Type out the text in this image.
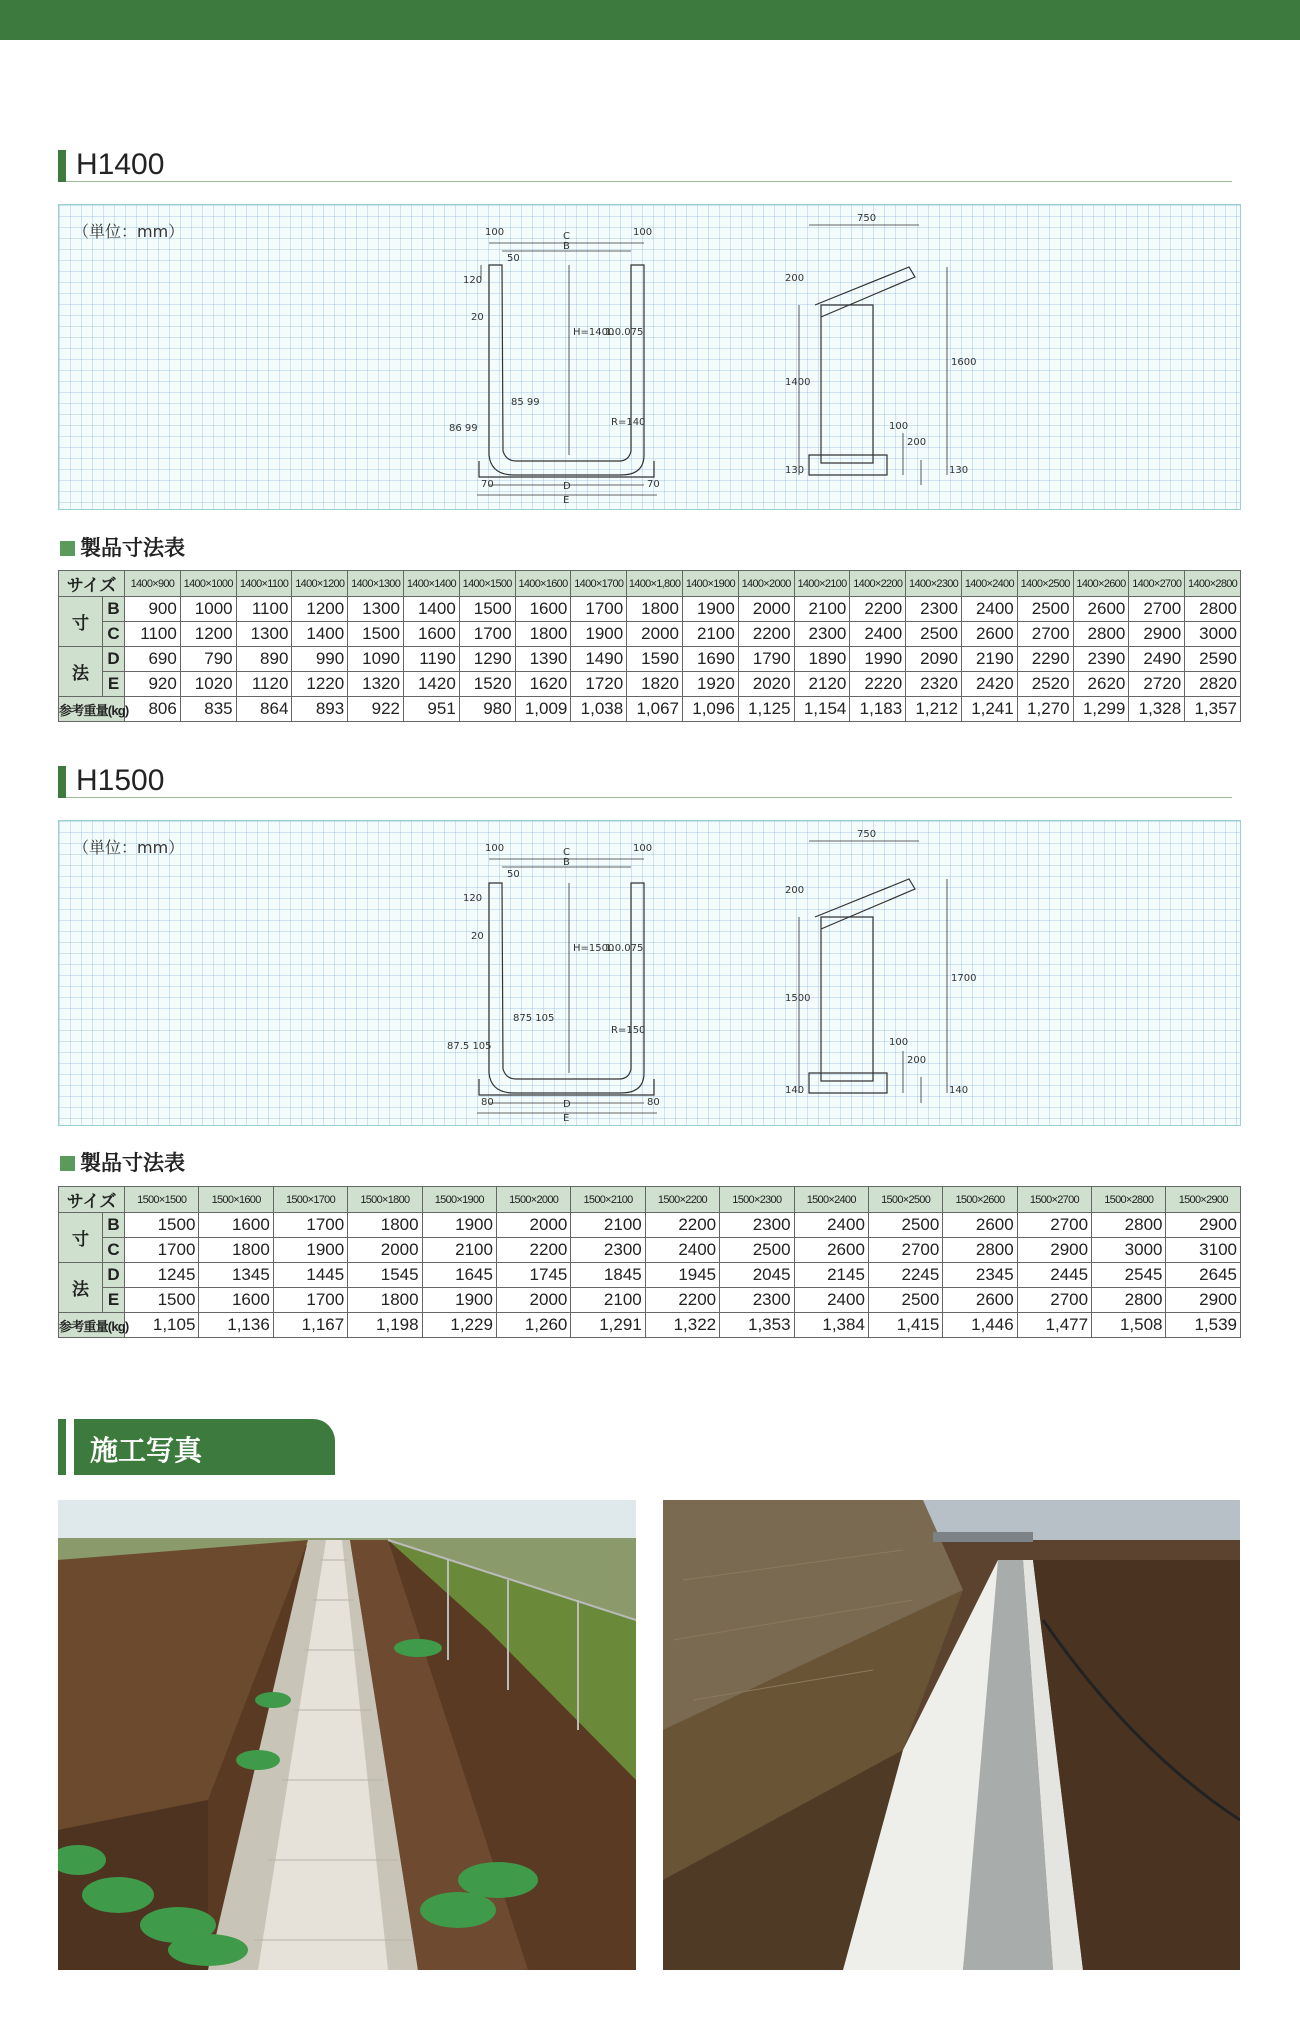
H1400
（単位：mm）	C
B
100	100
50
120
20
H=1400
1:0.075
R=140
86 99
85 99
70	70
D
E
750
200
1400
1600
130
130
100
200
製品寸法表
サイズ		1400×900	1400×1000	1400×1100	1400×1200	1400×1300	1400×1400	1400×1500	1400×1600	1400×1700	1400×1,800	1400×1900	1400×2000	1400×2100	1400×2200	1400×2300	1400×2400	1400×2500	1400×2600	1400×2700	1400×2800
寸	B	900	1000	1100	1200	1300	1400	1500	1600	1700	1800	1900	2000	2100	2200	2300	2400	2500	2600	2700	2800
	C	1100	1200	1300	1400	1500	1600	1700	1800	1900	2000	2100	2200	2300	2400	2500	2600	2700	2800	2900	3000
法	D	690	790	890	990	1090	1190	1290	1390	1490	1590	1690	1790	1890	1990	2090	2190	2290	2390	2490	2590
	E	920	1020	1120	1220	1320	1420	1520	1620	1720	1820	1920	2020	2120	2220	2320	2420	2520	2620	2720	2820
参考重量(kg)		806	835	864	893	922	951	980	1,009	1,038	1,067	1,096	1,125	1,154	1,183	1,212	1,241	1,270	1,299	1,328	1,357
H1500
（単位：mm）	C
B
100	100
50
120
20
H=1500
1:0.075
R=150
87.5 105
875 105
80	80
D
E
750
200
1500
1700
140
140
100
200
製品寸法表
サイズ		1500×1500	1500×1600	1500×1700	1500×1800	1500×1900	1500×2000	1500×2100	1500×2200	1500×2300	1500×2400	1500×2500	1500×2600	1500×2700	1500×2800	1500×2900
寸	B	1500	1600	1700	1800	1900	2000	2100	2200	2300	2400	2500	2600	2700	2800	2900
	C	1700	1800	1900	2000	2100	2200	2300	2400	2500	2600	2700	2800	2900	3000	3100
法	D	1245	1345	1445	1545	1645	1745	1845	1945	2045	2145	2245	2345	2445	2545	2645
	E	1500	1600	1700	1800	1900	2000	2100	2200	2300	2400	2500	2600	2700	2800	2900
参考重量(kg)		1,105	1,136	1,167	1,198	1,229	1,260	1,291	1,322	1,353	1,384	1,415	1,446	1,477	1,508	1,539
施工写真
